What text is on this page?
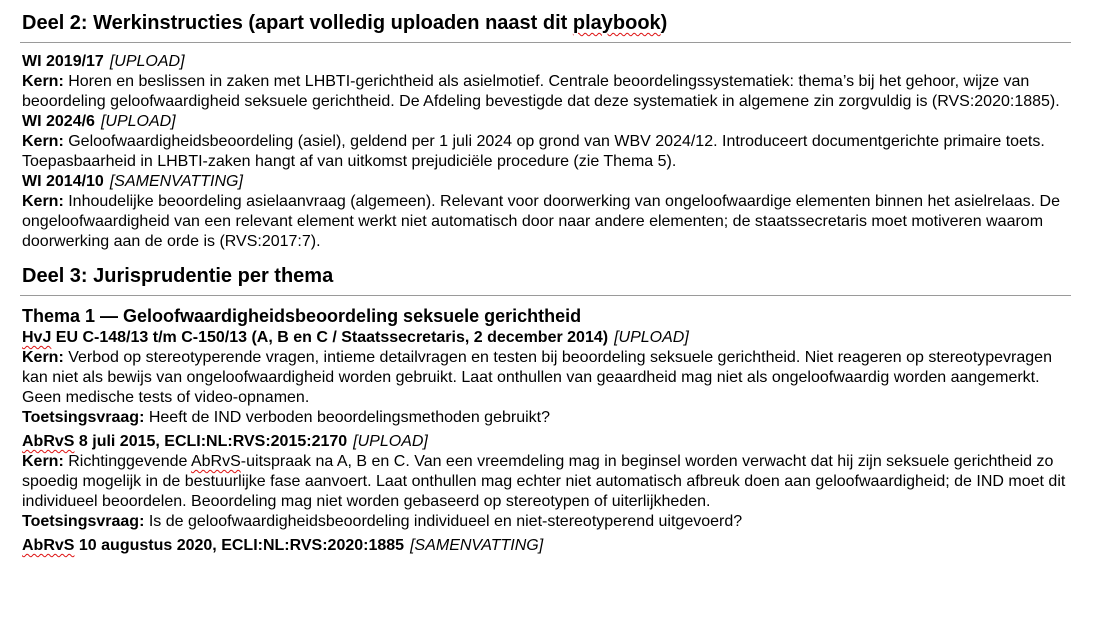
Deel 2: Werkinstructies (apart volledig uploaden naast dit playbook)
WI 2019/17 [UPLOAD]

Kern: Horen en beslissen in zaken met LHBTI-gerichtheid als asielmotief. Centrale beoordelingssystematiek: thema’s bij het gehoor, wijze van beoordeling geloofwaardigheid seksuele gerichtheid. De Afdeling bevestigde dat deze systematiek in algemene zin zorgvuldig is (RVS:2020:1885).

WI 2024/6 [UPLOAD]

Kern: Geloofwaardigheidsbeoordeling (asiel), geldend per 1 juli 2024 op grond van WBV 2024/12. Introduceert documentgerichte primaire toets. Toepasbaarheid in LHBTI-zaken hangt af van uitkomst prejudiciële procedure (zie Thema 5).

WI 2014/10 [SAMENVATTING]

Kern: Inhoudelijke beoordeling asielaanvraag (algemeen). Relevant voor doorwerking van ongeloofwaardige elementen binnen het asielrelaas. De ongeloofwaardigheid van een relevant element werkt niet automatisch door naar andere elementen; de staatssecretaris moet motiveren waarom doorwerking aan de orde is (RVS:2017:7).

Deel 3: Jurisprudentie per thema
Thema 1 — Geloofwaardigheidsbeoordeling seksuele gerichtheid
HvJ EU C-148/13 t/m C-150/13 (A, B en C / Staatssecretaris, 2 december 2014) [UPLOAD]

Kern: Verbod op stereotyperende vragen, intieme detailvragen en testen bij beoordeling seksuele gerichtheid. Niet reageren op stereotypevragen kan niet als bewijs van ongeloofwaardigheid worden gebruikt. Laat onthullen van geaardheid mag niet als ongeloofwaardig worden aangemerkt. Geen medische tests of video-opnamen.

Toetsingsvraag: Heeft de IND verboden beoordelingsmethoden gebruikt?

AbRvS 8 juli 2015, ECLI:NL:RVS:2015:2170 [UPLOAD]

Kern: Richtinggevende AbRvS-uitspraak na A, B en C. Van een vreemdeling mag in beginsel worden verwacht dat hij zijn seksuele gerichtheid zo spoedig mogelijk in de bestuurlijke fase aanvoert. Laat onthullen mag echter niet automatisch afbreuk doen aan geloofwaardigheid; de IND moet dit individueel beoordelen. Beoordeling mag niet worden gebaseerd op stereotypen of uiterlijkheden.

Toetsingsvraag: Is de geloofwaardigheidsbeoordeling individueel en niet-stereotyperend uitgevoerd?

AbRvS 10 augustus 2020, ECLI:NL:RVS:2020:1885 [SAMENVATTING]
